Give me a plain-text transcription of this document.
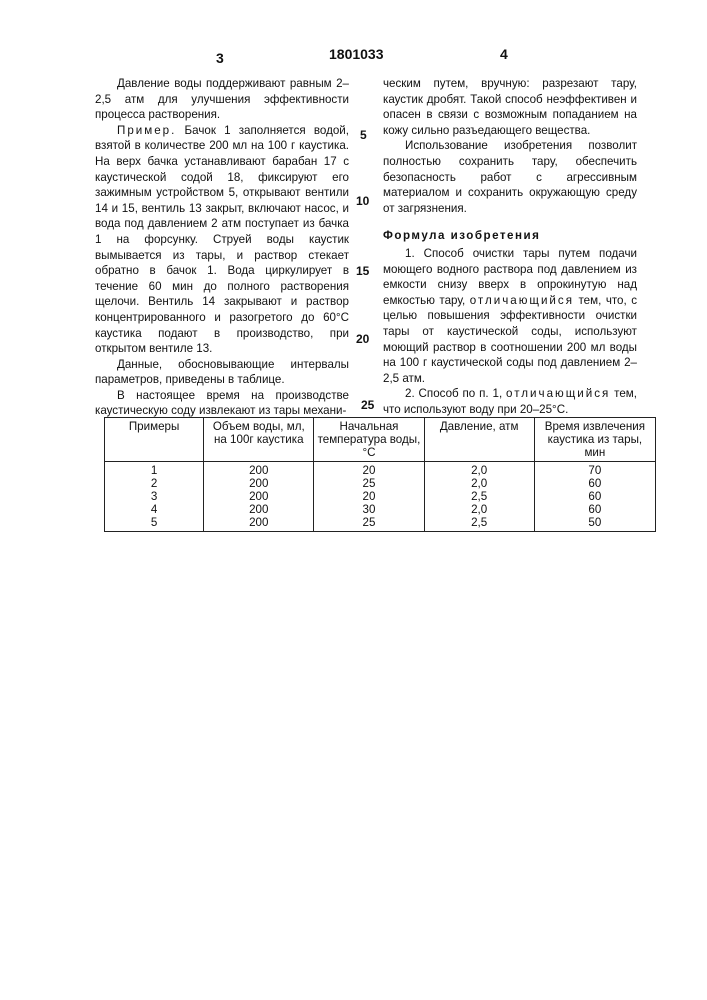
3	1801033	4
5
10
15
20
25

Давление воды поддерживают равным 2–2,5 атм для улучшения эффективности процесса растворения.

Пример. Бачок 1 заполняется водой, взятой в количестве 200 мл на 100 г каустика. На верх бачка устанавливают барабан 17 с каустической содой 18, фиксируют его зажимным устройством 5, открывают вентили 14 и 15, вентиль 13 закрыт, включают насос, и вода под давлением 2 атм поступает из бачка 1 на форсунку. Струей воды каустик вымывается из тары, и раствор стекает обратно в бачок 1. Вода циркулирует в течение 60 мин до полного растворения щелочи. Вентиль 14 закрывают и раствор концентрированного и разогретого до 60°С каустика подают в производство, при открытом вентиле 13.

Данные, обосновывающие интервалы параметров, приведены в таблице.

В настоящее время на производстве каустическую соду извлекают из тары механи-

ческим путем, вручную: разрезают тару, каустик дробят. Такой способ неэффективен и опасен в связи с возможным попаданием на кожу сильно разъедающего вещества.

Использование изобретения позволит полностью сохранить тару, обеспечить безопасность работ с агрессивным материалом и сохранить окружающую среду от загрязнения.

Формула изобретения

1. Способ очистки тары путем подачи моющего водного раствора под давлением из емкости снизу вверх в опрокинутую над емкостью тару, отличающийся тем, что, с целью повышения эффективности очистки тары от каустической соды, используют моющий раствор в соотношении 200 мл воды на 100 г каустической соды под давлением 2–2,5 атм.

2. Способ по п. 1, отличающийся тем, что используют воду при 20–25°С.

Примеры	Объем воды, мл, на 100г каустика	Начальная температура воды, °С	Давление, атм	Время извлечения каустика из тары, мин
1	200	20	2,0	70
2	200	25	2,0	60
3	200	20	2,5	60
4	200	30	2,0	60
5	200	25	2,5	50
